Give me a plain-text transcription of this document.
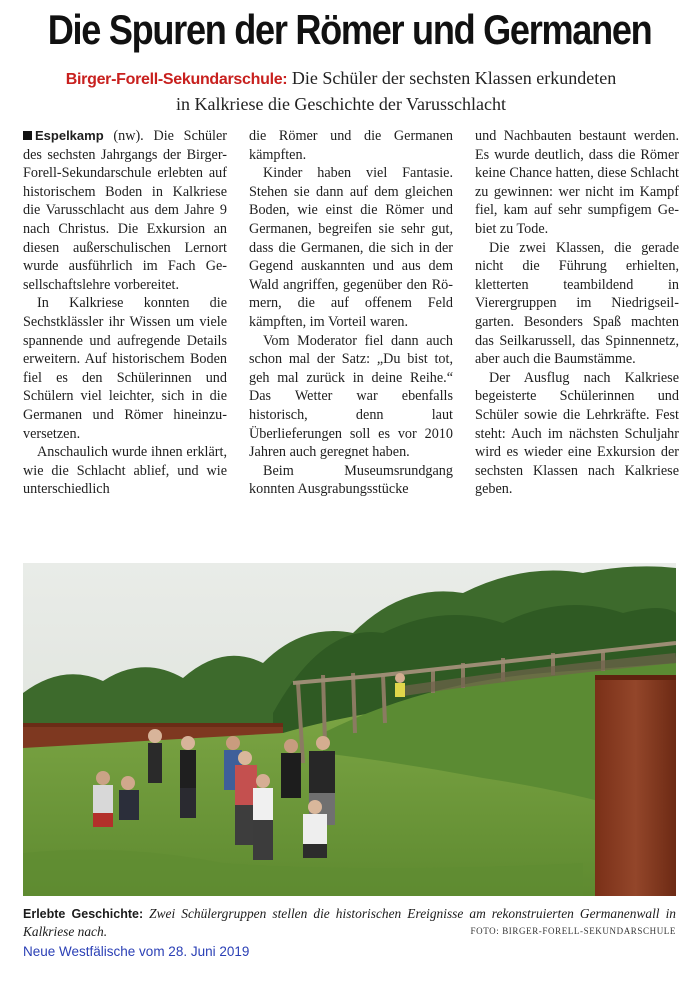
Die Spuren der Römer und Germanen
Birger-Forell-Sekundarschule: Die Schüler der sechsten Klassen erkundeten
in Kalkriese die Geschichte der Varusschlacht

Espelkamp (nw). Die Schüler des sechsten Jahrgangs der Birger-Forell-Sekundarschule erlebten auf historischem Boden in Kalkriese die Varusschlacht aus dem Jahre 9 nach Christus. Die Exkursion an diesen außerschulischen Lernort wurde ausführlich im Fach Gesellschaftslehre vorbereitet.

In Kalkriese konnten die Sechstklässler ihr Wissen um viele spannende und aufregende Details erweitern. Auf historischem Boden fiel es den Schülerinnen und Schülern viel leichter, sich in die Germanen und Römer hineinzuversetzen.

Anschaulich wurde ihnen erklärt, wie die Schlacht ablief, und wie unterschiedlich

die Römer und die Germanen kämpften.

Kinder haben viel Fantasie. Stehen sie dann auf dem gleichen Boden, wie einst die Römer und Germanen, begreifen sie sehr gut, dass die Germanen, die sich in der Gegend auskannten und aus dem Wald angriffen, gegenüber den Römern, die auf offenem Feld kämpften, im Vorteil waren.

Vom Moderator fiel dann auch schon mal der Satz: „Du bist tot, geh mal zurück in deine Reihe.“ Das Wetter war ebenfalls historisch, denn laut Überlieferungen soll es vor 2010 Jahren auch geregnet haben.

Beim Museumsrundgang konnten Ausgrabungsstücke

und Nachbauten bestaunt werden. Es wurde deutlich, dass die Römer keine Chance hatten, diese Schlacht zu gewinnen: wer nicht im Kampf fiel, kam auf sehr sumpfigem Gebiet zu Tode.

Die zwei Klassen, die gerade nicht die Führung erhielten, kletterten teambildend in Vierergruppen im Niedrigseilgarten. Besonders Spaß machten das Seilkarussell, das Spinnennetz, aber auch die Baumstämme.

Der Ausflug nach Kalkriese begeisterte Schülerinnen und Schüler sowie die Lehrkräfte. Fest steht: Auch im nächsten Schuljahr wird es wieder eine Exkursion der sechsten Klassen nach Kalkriese geben.

Erlebte Geschichte: Zwei Schülergruppen stellen die historischen Ereignisse am rekonstruierten Germanenwall in Kalkriese nach.	FOTO: BIRGER-FORELL-SEKUNDARSCHULE
Neue Westfälische vom 28. Juni 2019
